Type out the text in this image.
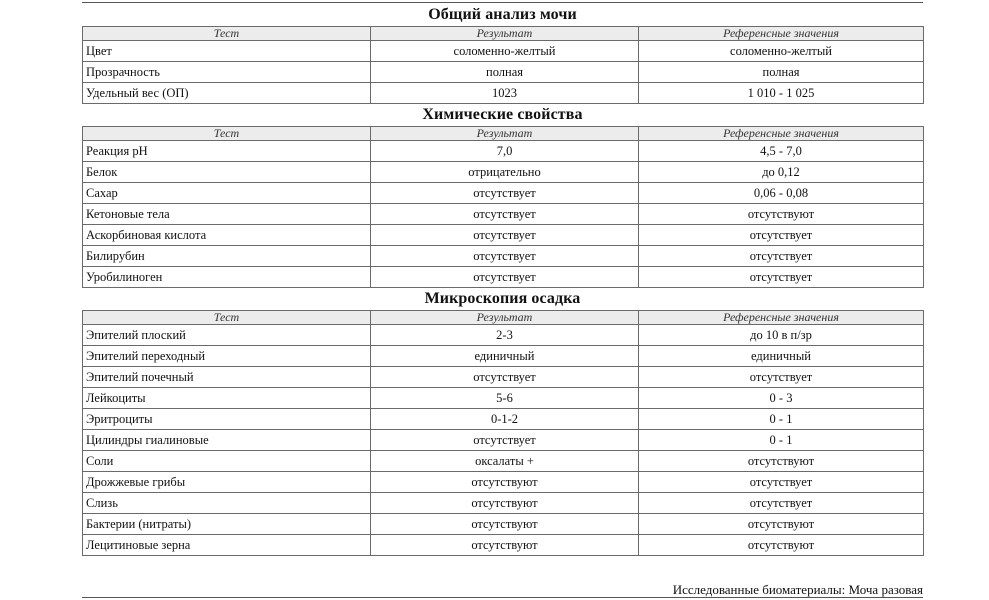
Общий анализ мочи
Тест	Результат	Референсные значения
Цвет	соломенно-желтый	соломенно-желтый
Прозрачность	полная	полная
Удельный вес (ОП)	1023	1 010 - 1 025
Химические свойства
Тест	Результат	Референсные значения
Реакция pH	7,0	4,5 - 7,0
Белок	отрицательно	до 0,12
Сахар	отсутствует	0,06 - 0,08
Кетоновые тела	отсутствует	отсутствуют
Аскорбиновая кислота	отсутствует	отсутствует
Билирубин	отсутствует	отсутствует
Уробилиноген	отсутствует	отсутствует
Микроскопия осадка
Тест	Результат	Референсные значения
Эпителий плоский	2-3	до 10 в п/зр
Эпителий переходный	единичный	единичный
Эпителий почечный	отсутствует	отсутствует
Лейкоциты	5-6	0 - 3
Эритроциты	0-1-2	0 - 1
Цилиндры гиалиновые	отсутствует	0 - 1
Соли	оксалаты +	отсутствуют
Дрожжевые грибы	отсутствуют	отсутствует
Слизь	отсутствуют	отсутствует
Бактерии (нитраты)	отсутствуют	отсутствуют
Лецитиновые зерна	отсутствуют	отсутствуют
Исследованные биоматериалы: Моча разовая
